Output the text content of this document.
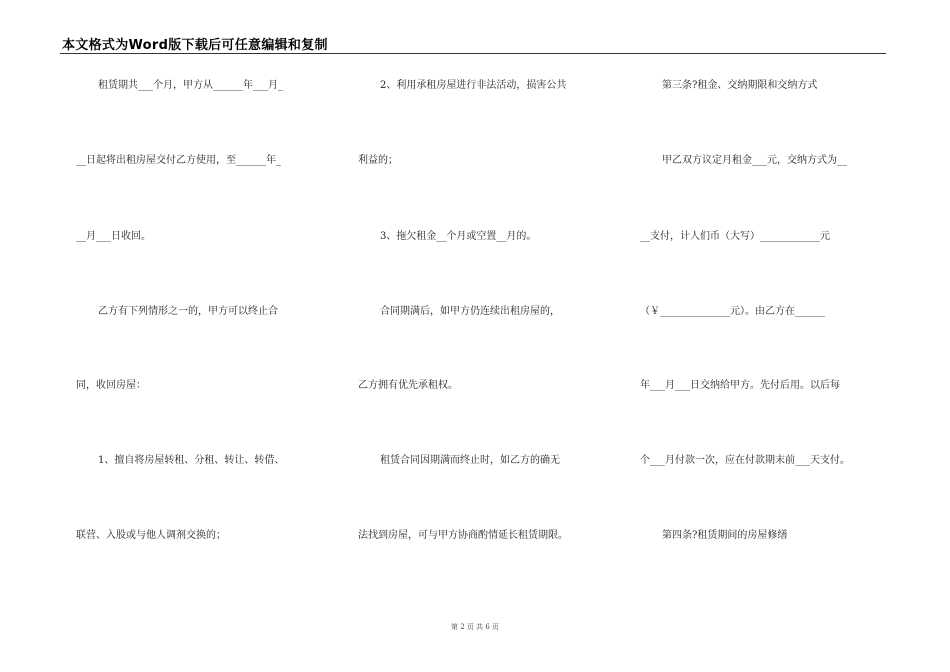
本文格式为Word版下载后可任意编辑和复制
租赁期共___个月，甲方从______年___月_
__日起将出租房屋交付乙方使用，至______年_
__月___日收回。
乙方有下列情形之一的，甲方可以终止合
同，收回房屋：
1、擅自将房屋转租、分租、转让、转借、
联营、入股或与他人调剂交换的；
2、利用承租房屋进行非法活动，损害公共
利益的；
3、拖欠租金__个月或空置__月的。
合同期满后，如甲方仍连续出租房屋的，
乙方拥有优先承租权。
租赁合同因期满而终止时，如乙方的确无
法找到房屋，可与甲方协商酌情延长租赁期限。
第三条?租金、交纳期限和交纳方式
甲乙双方议定月租金___元，交纳方式为__
__支付，计人们币（大写）____________元
（￥______________元）。由乙方在______
年___月___日交纳给甲方。先付后用。以后每
个___月付款一次，应在付款期末前___天支付。
第四条?租赁期间的房屋修缮
第 2 页 共 6 页
